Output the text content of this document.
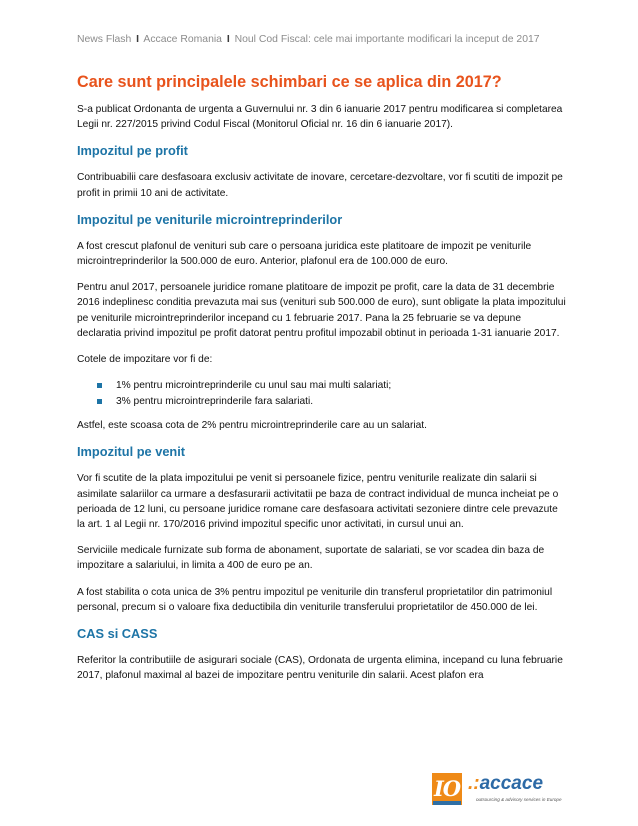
News Flash I Accace Romania I Noul Cod Fiscal: cele mai importante modificari la inceput de 2017
Care sunt principalele schimbari ce se aplica din 2017?

S-a publicat Ordonanta de urgenta a Guvernului nr. 3 din 6 ianuarie 2017 pentru modificarea si completarea Legii nr. 227/2015 privind Codul Fiscal (Monitorul Oficial nr. 16 din 6 ianuarie 2017).

Impozitul pe profit

Contribuabilii care desfasoara exclusiv activitate de inovare, cercetare-dezvoltare, vor fi scutiti de impozit pe profit in primii 10 ani de activitate.

Impozitul pe veniturile microintreprinderilor

A fost crescut plafonul de venituri sub care o persoana juridica este platitoare de impozit pe veniturile microintreprinderilor la 500.000 de euro. Anterior, plafonul era de 100.000 de euro.

Pentru anul 2017, persoanele juridice romane platitoare de impozit pe profit, care la data de 31 decembrie 2016 indeplinesc conditia prevazuta mai sus (venituri sub 500.000 de euro), sunt obligate la plata impozitului pe veniturile microintreprinderilor incepand cu 1 februarie 2017. Pana la 25 februarie se va depune declaratia privind impozitul pe profit datorat pentru profitul impozabil obtinut in perioada 1-31 ianuarie 2017.

Cotele de impozitare vor fi de:

1% pentru microintreprinderile cu unul sau mai multi salariati;
3% pentru microintreprinderile fara salariati.

Astfel, este scoasa cota de 2% pentru microintreprinderile care au un salariat.

Impozitul pe venit

Vor fi scutite de la plata impozitului pe venit si persoanele fizice, pentru veniturile realizate din salarii si asimilate salariilor ca urmare a desfasurarii activitatii pe baza de contract individual de munca incheiat pe o perioada de 12 luni, cu persoane juridice romane care desfasoara activitati sezoniere dintre cele prevazute la art. 1 al Legii nr. 170/2016 privind impozitul specific unor activitati, in cursul unui an.

Serviciile medicale furnizate sub forma de abonament, suportate de salariati, se vor scadea din baza de impozitare a salariului, in limita a 400 de euro pe an.

A fost stabilita o cota unica de 3% pentru impozitul pe veniturile din transferul proprietatilor din patrimoniul personal, precum si o valoare fixa deductibila din veniturile transferului proprietatilor de 450.000 de lei.

CAS si CASS

Referitor la contributiile de asigurari sociale (CAS), Ordonata de urgenta elimina, incepand cu luna februarie 2017, plafonul maximal al bazei de impozitare pentru veniturile din salarii. Acest plafon era

IO .:accace
outsourcing & advisory services in Europe
